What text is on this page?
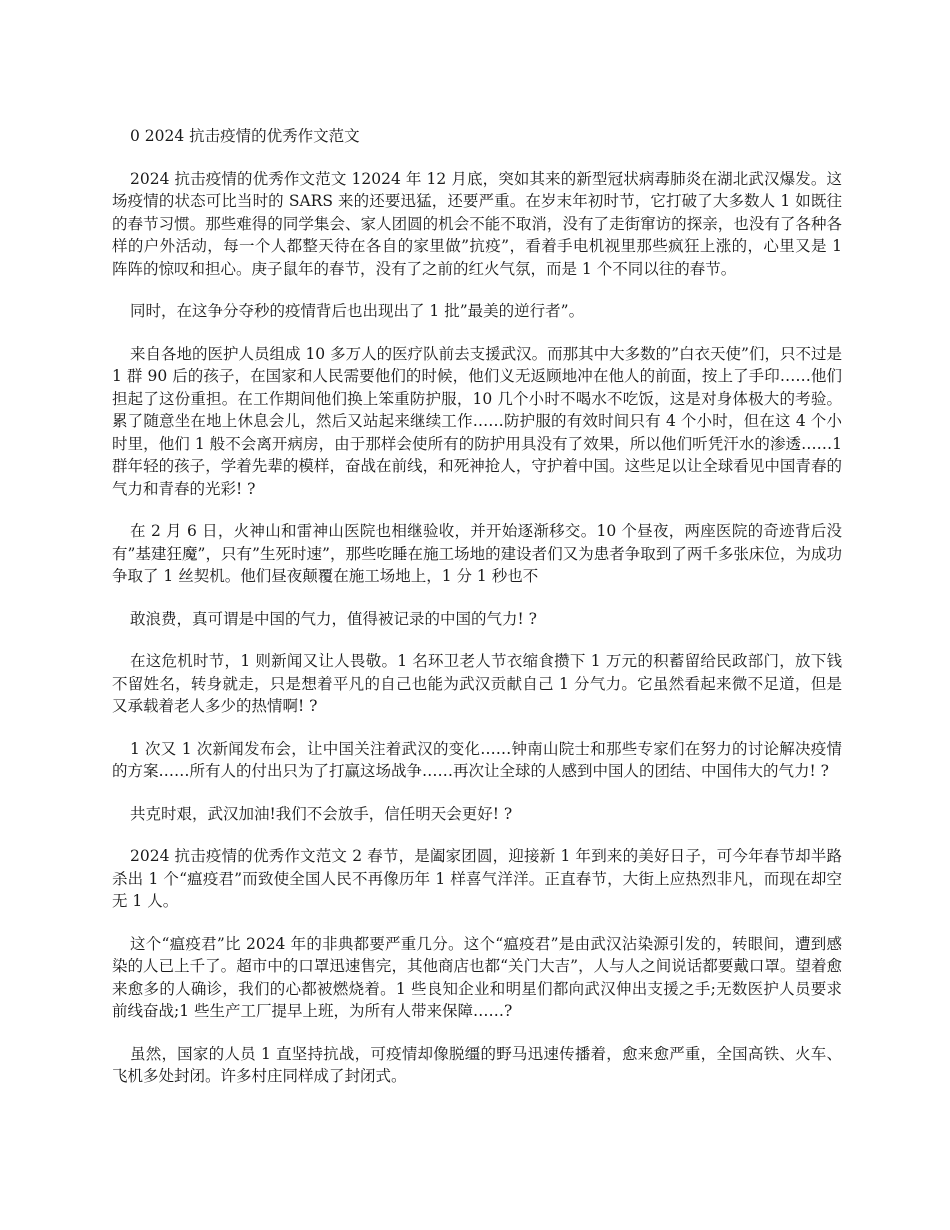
0 2024 抗击疫情的优秀作文范文

2024 抗击疫情的优秀作文范文 12024 年 12 月底，突如其来的新型冠状病毒肺炎在湖北武汉爆发。这场疫情的状态可比当时的 SARS 来的还要迅猛，还要严重。在岁末年初时节，它打破了大多数人 1 如既往的春节习惯。那些难得的同学集会、家人团圆的机会不能不取消，没有了走街窜访的探亲，也没有了各种各样的户外活动，每一个人都整天待在各自的家里做”抗疫”，看着手电机视里那些疯狂上涨的，心里又是 1 阵阵的惊叹和担心。庚子鼠年的春节，没有了之前的红火气氛，而是 1 个不同以往的春节。

同时，在这争分夺秒的疫情背后也出现出了 1 批”最美的逆行者”。

来自各地的医护人员组成 10 多万人的医疗队前去支援武汉。而那其中大多数的”白衣天使”们，只不过是 1 群 90 后的孩子，在国家和人民需要他们的时候，他们义无返顾地冲在他人的前面，按上了手印……他们担起了这份重担。在工作期间他们换上笨重防护服，10 几个小时不喝水不吃饭，这是对身体极大的考验。累了随意坐在地上休息会儿，然后又站起来继续工作……防护服的有效时间只有 4 个小时，但在这 4 个小时里，他们 1 般不会离开病房，由于那样会使所有的防护用具没有了效果，所以他们听凭汗水的渗透……1 群年轻的孩子，学着先辈的模样，奋战在前线，和死神抢人，守护着中国。这些足以让全球看见中国青春的气力和青春的光彩! ?

在 2 月 6 日，火神山和雷神山医院也相继验收，并开始逐渐移交。10 个昼夜，两座医院的奇迹背后没有”基建狂魔”，只有”生死时速”，那些吃睡在施工场地的建设者们又为患者争取到了两千多张床位，为成功争取了 1 丝契机。他们昼夜颠覆在施工场地上，1 分 1 秒也不

敢浪费，真可谓是中国的气力，值得被记录的中国的气力! ?

在这危机时节，1 则新闻又让人畏敬。1 名环卫老人节衣缩食攒下 1 万元的积蓄留给民政部门，放下钱不留姓名，转身就走，只是想着平凡的自己也能为武汉贡献自己 1 分气力。它虽然看起来微不足道，但是又承载着老人多少的热情啊! ?

1 次又 1 次新闻发布会，让中国关注着武汉的变化……钟南山院士和那些专家们在努力的讨论解决疫情的方案……所有人的付出只为了打赢这场战争……再次让全球的人感到中国人的团结、中国伟大的气力! ?

共克时艰，武汉加油!我们不会放手，信任明天会更好! ?

2024 抗击疫情的优秀作文范文 2 春节，是阖家团圆，迎接新 1 年到来的美好日子，可今年春节却半路杀出 1 个“瘟疫君”而致使全国人民不再像历年 1 样喜气洋洋。正直春节，大街上应热烈非凡，而现在却空无 1 人。

这个“瘟疫君”比 2024 年的非典都要严重几分。这个“瘟疫君”是由武汉沾染源引发的，转眼间，遭到感染的人已上千了。超市中的口罩迅速售完，其他商店也都“关门大吉”，人与人之间说话都要戴口罩。望着愈来愈多的人确诊，我们的心都被燃烧着。1 些良知企业和明星们都向武汉伸出支援之手;无数医护人员要求前线奋战;1 些生产工厂提早上班，为所有人带来保障……?

虽然，国家的人员 1 直坚持抗战，可疫情却像脱缰的野马迅速传播着，愈来愈严重，全国高铁、火车、飞机多处封闭。许多村庄同样成了封闭式。
